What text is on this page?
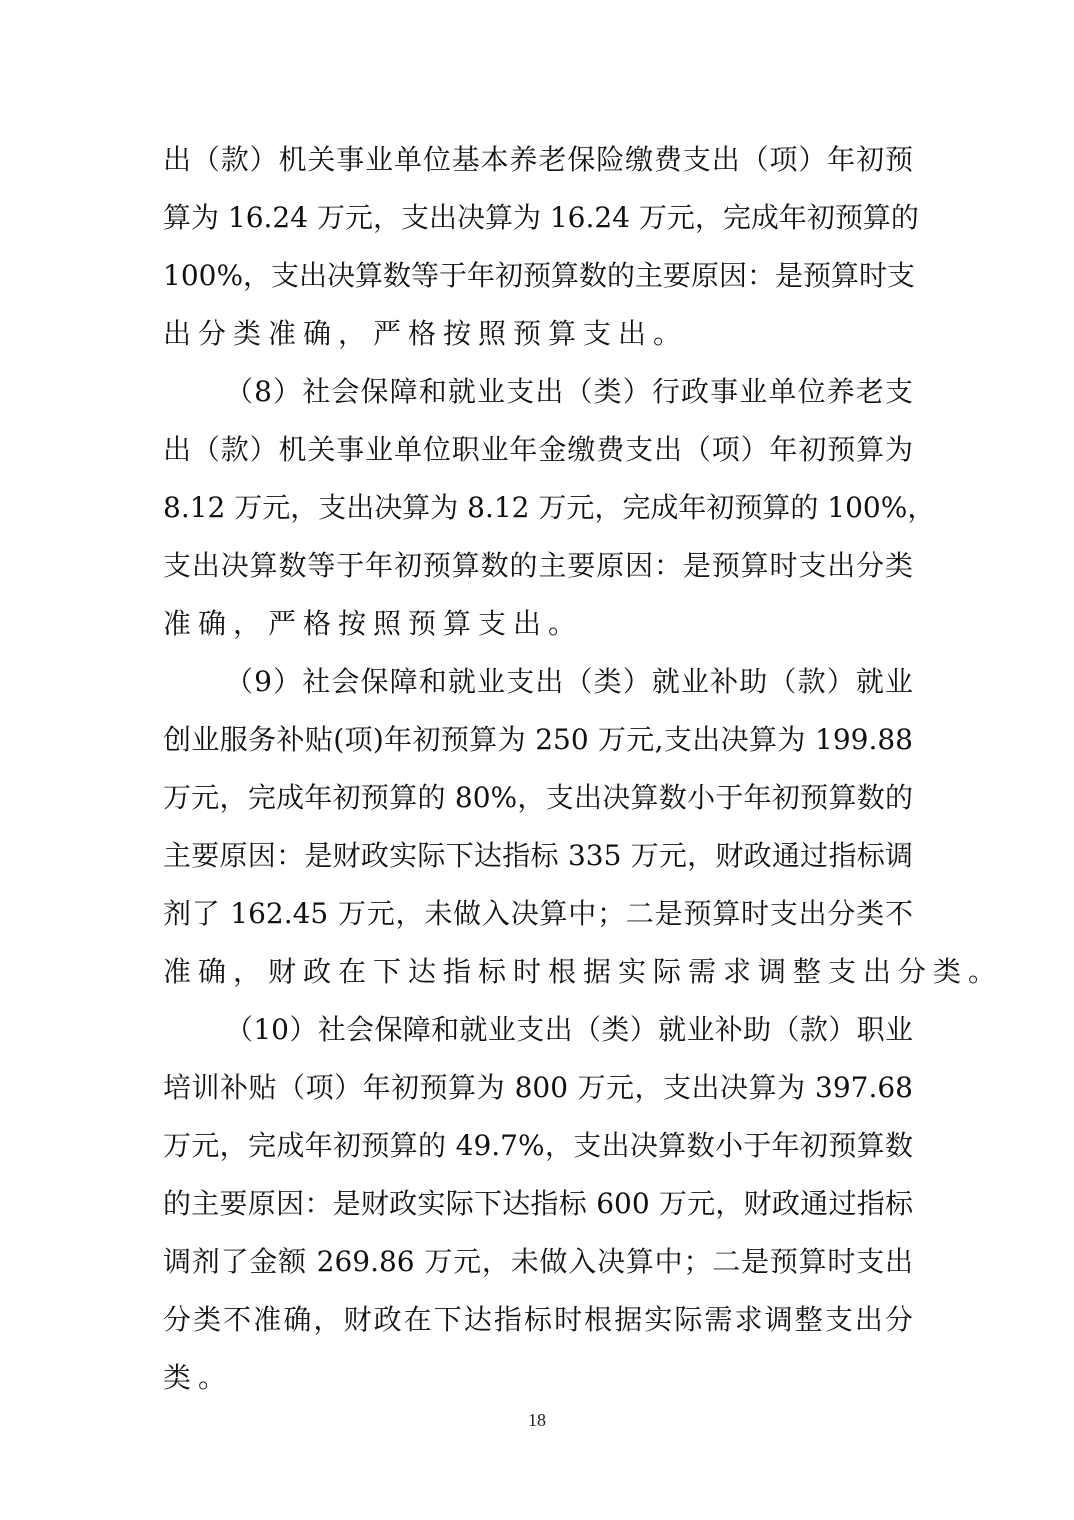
出（款）机关事业单位基本养老保险缴费支出（项）年初预
算为 16.24 万元，支出决算为 16.24 万元，完成年初预算的
100%，支出决算数等于年初预算数的主要原因：是预算时支
出分类准确，严格按照预算支出。
（8）社会保障和就业支出（类）行政事业单位养老支
出（款）机关事业单位职业年金缴费支出（项）年初预算为
8.12 万元，支出决算为 8.12 万元，完成年初预算的 100%，
支出决算数等于年初预算数的主要原因：是预算时支出分类
准确，严格按照预算支出。
（9）社会保障和就业支出（类）就业补助（款）就业
创业服务补贴(项)年初预算为 250 万元,支出决算为 199.88
万元，完成年初预算的 80%，支出决算数小于年初预算数的
主要原因：是财政实际下达指标 335 万元，财政通过指标调
剂了 162.45 万元，未做入决算中；二是预算时支出分类不
准确，财政在下达指标时根据实际需求调整支出分类。
（10）社会保障和就业支出（类）就业补助（款）职业
培训补贴（项）年初预算为 800 万元，支出决算为 397.68
万元，完成年初预算的 49.7%，支出决算数小于年初预算数
的主要原因：是财政实际下达指标 600 万元，财政通过指标
调剂了金额 269.86 万元，未做入决算中；二是预算时支出
分类不准确，财政在下达指标时根据实际需求调整支出分
类。
18
